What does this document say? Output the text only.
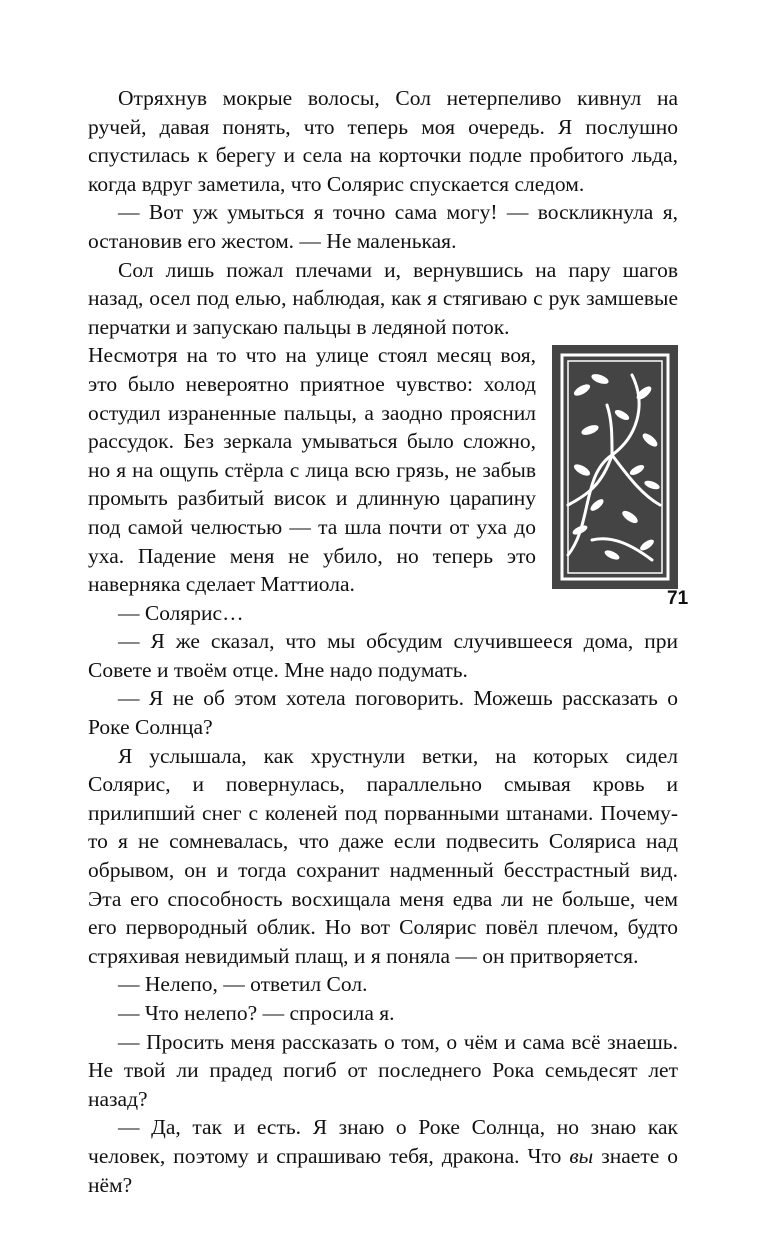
Отряхнув мокрые волосы, Сол нетерпеливо кивнул на ручей, давая понять, что теперь моя очередь. Я послушно спустилась к берегу и села на корточки подле пробитого льда, когда вдруг заметила, что Солярис спускается следом.

— Вот уж умыться я точно сама могу! — воскликнула я, остановив его жестом. — Не маленькая.

Сол лишь пожал плечами и, вернувшись на пару шагов назад, осел под елью, наблюдая, как я стягиваю с рук замшевые перчатки и запускаю пальцы в ледяной поток.

Несмотря на то что на улице стоял месяц воя, это было невероятно приятное чувство: холод остудил израненные пальцы, а заодно прояснил рассудок. Без зеркала умываться было сложно, но я на ощупь стёрла с лица всю грязь, не забыв промыть разбитый висок и длинную царапину под самой челюстью — та шла почти от уха до уха. Падение меня не убило, но теперь это наверняка сделает Маттиола.

— Солярис…

— Я же сказал, что мы обсудим случившееся дома, при Совете и твоём отце. Мне надо подумать.

— Я не об этом хотела поговорить. Можешь рассказать о Роке Солнца?

Я услышала, как хрустнули ветки, на которых сидел Солярис, и повернулась, параллельно смывая кровь и прилипший снег с коленей под порванными штанами. Почему-то я не сомневалась, что даже если подвесить Соляриса над обрывом, он и тогда сохранит надменный бесстрастный вид. Эта его способность восхищала меня едва ли не больше, чем его первородный облик. Но вот Солярис повёл плечом, будто стряхивая невидимый плащ, и я поняла — он притворяется.

— Нелепо, — ответил Сол.

— Что нелепо? — спросила я.

— Просить меня рассказать о том, о чём и сама всё знаешь. Не твой ли прадед погиб от последнего Рока семьдесят лет назад?

— Да, так и есть. Я знаю о Роке Солнца, но знаю как человек, поэтому и спрашиваю тебя, дракона. Что вы знаете о нём?

71
